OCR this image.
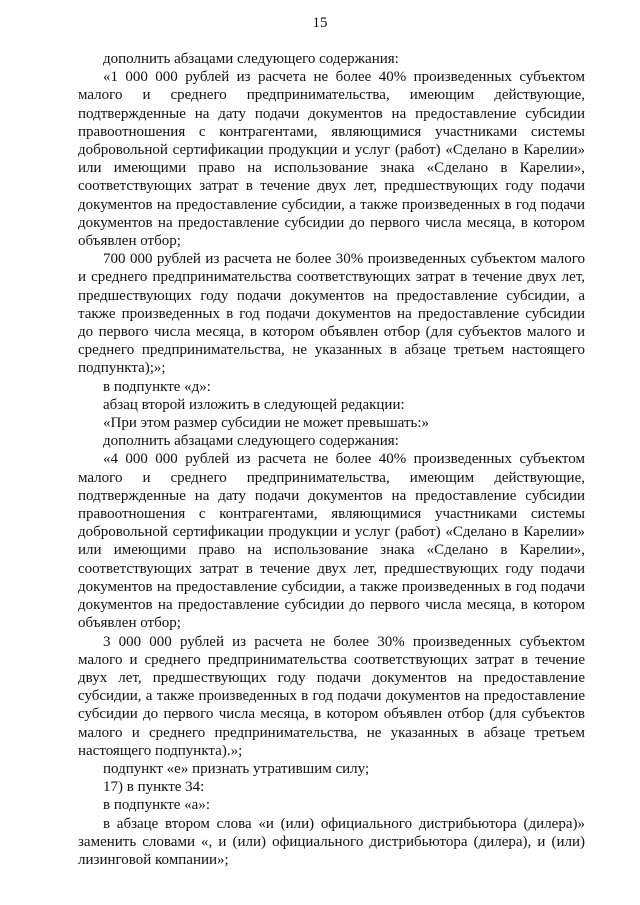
15

дополнить абзацами следующего содержания:

«1 000 000 рублей из расчета не более 40% произведенных субъектом малого и среднего предпринимательства, имеющим действующие, подтвержденные на дату подачи документов на предоставление субсидии правоотношения с контрагентами, являющимися участниками системы добровольной сертификации продукции и услуг (работ) «Сделано в Карелии» или имеющими право на использование знака «Сделано в Карелии», соответствующих затрат в течение двух лет, предшествующих году подачи документов на предоставление субсидии, а также произведенных в год подачи документов на предоставление субсидии до первого числа месяца, в котором объявлен отбор;

700 000 рублей из расчета не более 30% произведенных субъектом малого и среднего предпринимательства соответствующих затрат в течение двух лет, предшествующих году подачи документов на предоставление субсидии, а также произведенных в год подачи документов на предоставление субсидии до первого числа месяца, в котором объявлен отбор (для субъектов малого и среднего предпринимательства, не указанных в абзаце третьем настоящего подпункта);»;

в подпункте «д»:

абзац второй изложить в следующей редакции:

«При этом размер субсидии не может превышать:»

дополнить абзацами следующего содержания:

«4 000 000 рублей из расчета не более 40% произведенных субъектом малого и среднего предпринимательства, имеющим действующие, подтвержденные на дату подачи документов на предоставление субсидии правоотношения с контрагентами, являющимися участниками системы добровольной сертификации продукции и услуг (работ) «Сделано в Карелии» или имеющими право на использование знака «Сделано в Карелии», соответствующих затрат в течение двух лет, предшествующих году подачи документов на предоставление субсидии, а также произведенных в год подачи документов на предоставление субсидии до первого числа месяца, в котором объявлен отбор;

3 000 000 рублей из расчета не более 30% произведенных субъектом малого и среднего предпринимательства соответствующих затрат в течение двух лет, предшествующих году подачи документов на предоставление субсидии, а также произведенных в год подачи документов на предоставление субсидии до первого числа месяца, в котором объявлен отбор (для субъектов малого и среднего предпринимательства, не указанных в абзаце третьем настоящего подпункта).»;

подпункт «е» признать утратившим силу;

17) в пункте 34:

в подпункте «а»:

в абзаце втором слова «и (или) официального дистрибьютора (дилера)» заменить словами «, и (или) официального дистрибьютора (дилера), и (или) лизинговой компании»;
